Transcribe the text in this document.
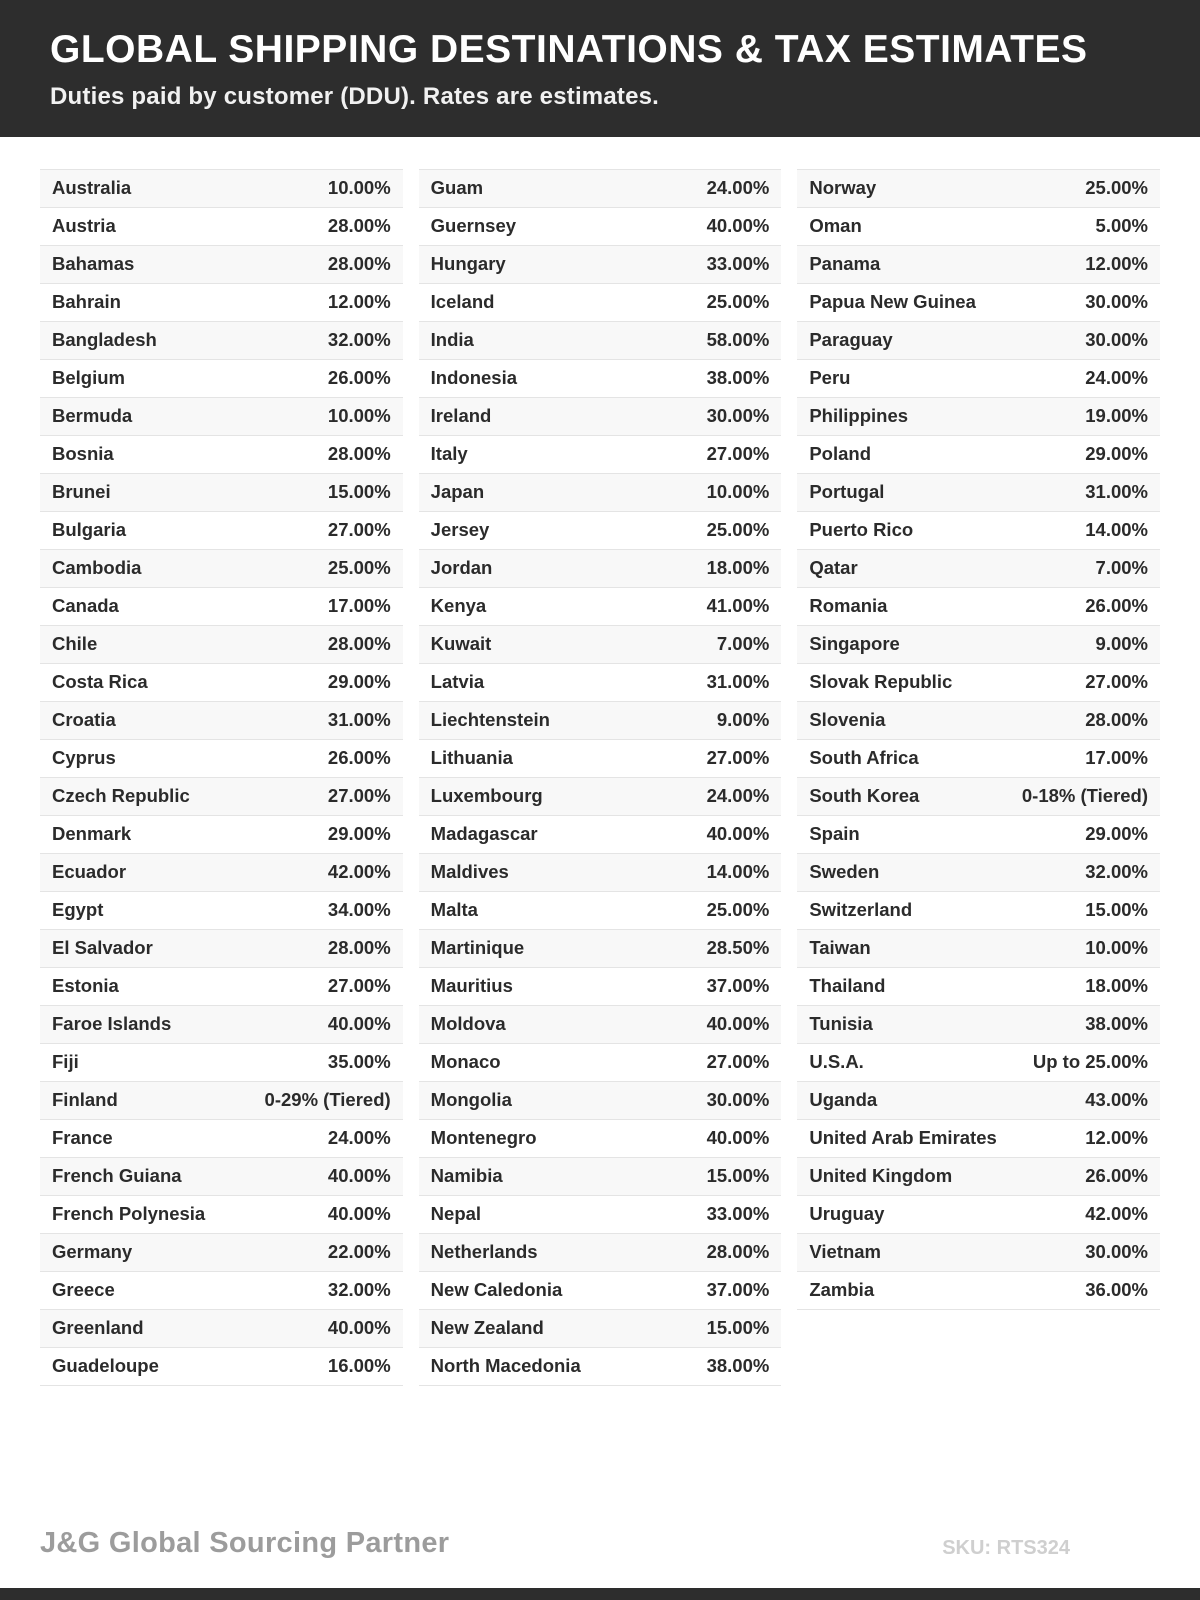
GLOBAL SHIPPING DESTINATIONS & TAX ESTIMATES

Duties paid by customer (DDU). Rates are estimates.

Australia	10.00%
Austria	28.00%
Bahamas	28.00%
Bahrain	12.00%
Bangladesh	32.00%
Belgium	26.00%
Bermuda	10.00%
Bosnia	28.00%
Brunei	15.00%
Bulgaria	27.00%
Cambodia	25.00%
Canada	17.00%
Chile	28.00%
Costa Rica	29.00%
Croatia	31.00%
Cyprus	26.00%
Czech Republic	27.00%
Denmark	29.00%
Ecuador	42.00%
Egypt	34.00%
El Salvador	28.00%
Estonia	27.00%
Faroe Islands	40.00%
Fiji	35.00%
Finland	0-29% (Tiered)
France	24.00%
French Guiana	40.00%
French Polynesia	40.00%
Germany	22.00%
Greece	32.00%
Greenland	40.00%
Guadeloupe	16.00%
Guam	24.00%
Guernsey	40.00%
Hungary	33.00%
Iceland	25.00%
India	58.00%
Indonesia	38.00%
Ireland	30.00%
Italy	27.00%
Japan	10.00%
Jersey	25.00%
Jordan	18.00%
Kenya	41.00%
Kuwait	7.00%
Latvia	31.00%
Liechtenstein	9.00%
Lithuania	27.00%
Luxembourg	24.00%
Madagascar	40.00%
Maldives	14.00%
Malta	25.00%
Martinique	28.50%
Mauritius	37.00%
Moldova	40.00%
Monaco	27.00%
Mongolia	30.00%
Montenegro	40.00%
Namibia	15.00%
Nepal	33.00%
Netherlands	28.00%
New Caledonia	37.00%
New Zealand	15.00%
North Macedonia	38.00%
Norway	25.00%
Oman	5.00%
Panama	12.00%
Papua New Guinea	30.00%
Paraguay	30.00%
Peru	24.00%
Philippines	19.00%
Poland	29.00%
Portugal	31.00%
Puerto Rico	14.00%
Qatar	7.00%
Romania	26.00%
Singapore	9.00%
Slovak Republic	27.00%
Slovenia	28.00%
South Africa	17.00%
South Korea	0-18% (Tiered)
Spain	29.00%
Sweden	32.00%
Switzerland	15.00%
Taiwan	10.00%
Thailand	18.00%
Tunisia	38.00%
U.S.A.	Up to 25.00%
Uganda	43.00%
United Arab Emirates	12.00%
United Kingdom	26.00%
Uruguay	42.00%
Vietnam	30.00%
Zambia	36.00%
J&G Global Sourcing Partner	SKU: RTS324
